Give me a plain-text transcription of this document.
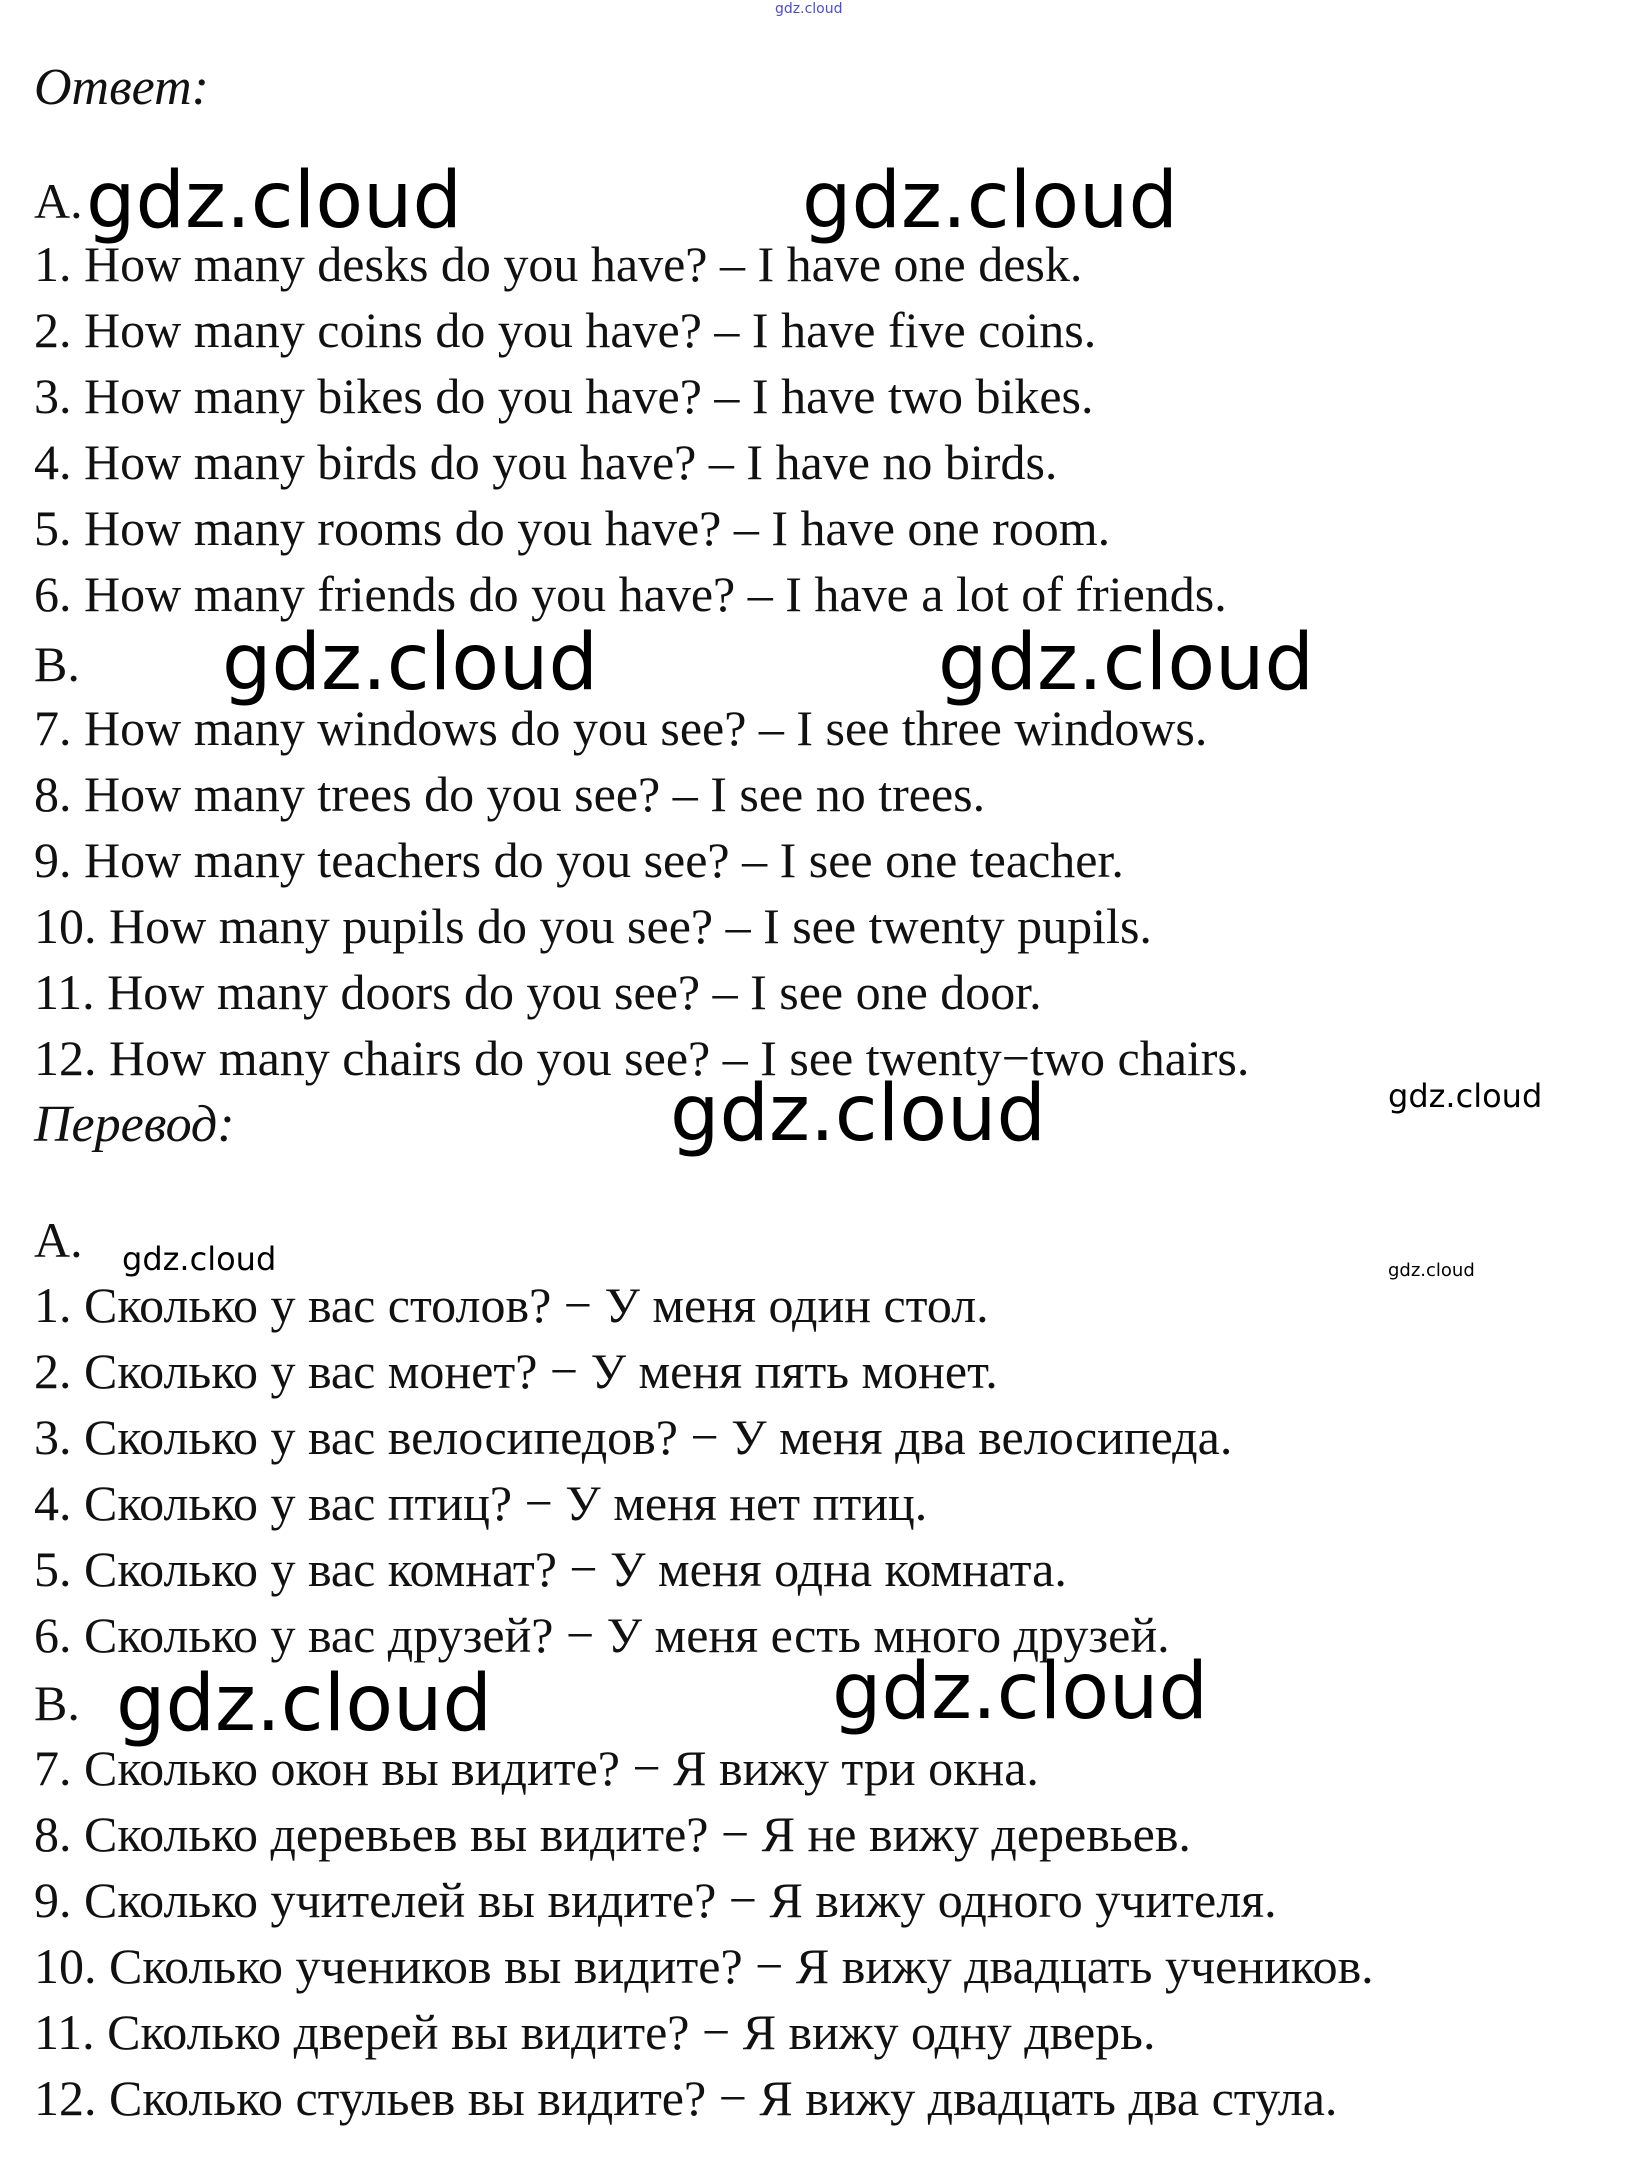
gdz.cloud
Ответ:
A.
1. How many desks do you have? – I have one desk.
2. How many coins do you have? – I have five coins.
3. How many bikes do you have? – I have two bikes.
4. How many birds do you have? – I have no birds.
5. How many rooms do you have? – I have one room.
6. How many friends do you have? – I have a lot of friends.
B.
7. How many windows do you see? – I see three windows.
8. How many trees do you see? – I see no trees.
9. How many teachers do you see? – I see one teacher.
10. How many pupils do you see? – I see twenty pupils.
11. How many doors do you see? – I see one door.
12. How many chairs do you see? – I see twenty−two chairs.
Перевод:
A.
1. Сколько у вас столов? − У меня один стол.
2. Сколько у вас монет? − У меня пять монет.
3. Сколько у вас велосипедов? − У меня два велосипеда.
4. Сколько у вас птиц? − У меня нет птиц.
5. Сколько у вас комнат? − У меня одна комната.
6. Сколько у вас друзей? − У меня есть много друзей.
B.
7. Сколько окон вы видите? − Я вижу три окна.
8. Сколько деревьев вы видите? − Я не вижу деревьев.
9. Сколько учителей вы видите? − Я вижу одного учителя.
10. Сколько учеников вы видите? − Я вижу двадцать учеников.
11. Сколько дверей вы видите? − Я вижу одну дверь.
12. Сколько стульев вы видите? − Я вижу двадцать два стула.
gdz.cloud	gdz.cloud
gdz.cloud	gdz.cloud
gdz.cloud	gdz.cloud
gdz.cloud	gdz.cloud
gdz.cloud	gdz.cloud
